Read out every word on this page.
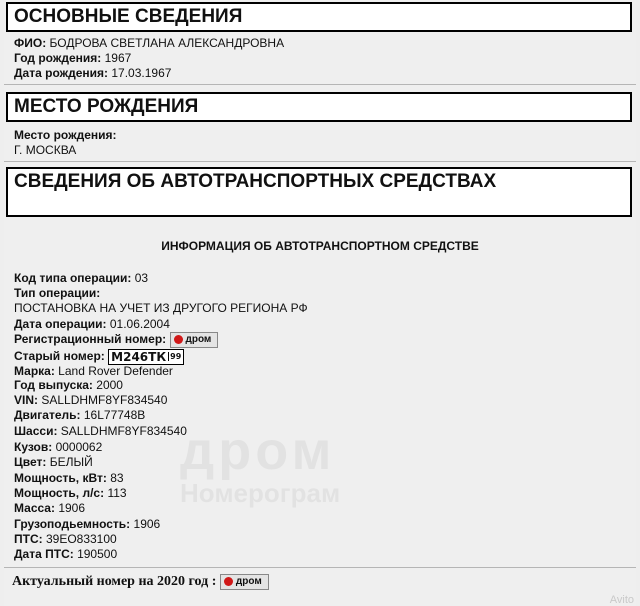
ОСНОВНЫЕ СВЕДЕНИЯ
ФИО: БОДРОВА СВЕТЛАНА АЛЕКСАНДРОВНА
Год рождения: 1967
Дата рождения: 17.03.1967
МЕСТО РОЖДЕНИЯ
Место рождения:
Г. МОСКВА
СВЕДЕНИЯ ОБ АВТОТРАНСПОРТНЫХ СРЕДСТВАХ
дром
Номерограм
ИНФОРМАЦИЯ ОБ АВТОТРАНСПОРТНОМ СРЕДСТВЕ
Код типа операции: 03
Тип операции:
ПОСТАНОВКА НА УЧЕТ ИЗ ДРУГОГО РЕГИОНА РФ
Дата операции: 01.06.2004
Регистрационный номер: дром
Старый номер: М246ТК $^{99}$
Марка: Land Rover Defender
Год выпуска: 2000
VIN: SALLDHMF8YF834540
Двигатель: 16L77748B
Шасси: SALLDHMF8YF834540
Кузов: 0000062
Цвет: БЕЛЫЙ
Мощность, кВт: 83
Мощность, л/с: 113
Масса: 1906
Грузоподьемность: 1906
ПТС: 39ЕО833100
Дата ПТС: 190500
Актуальный номер на 2020 год : дром
Avito
